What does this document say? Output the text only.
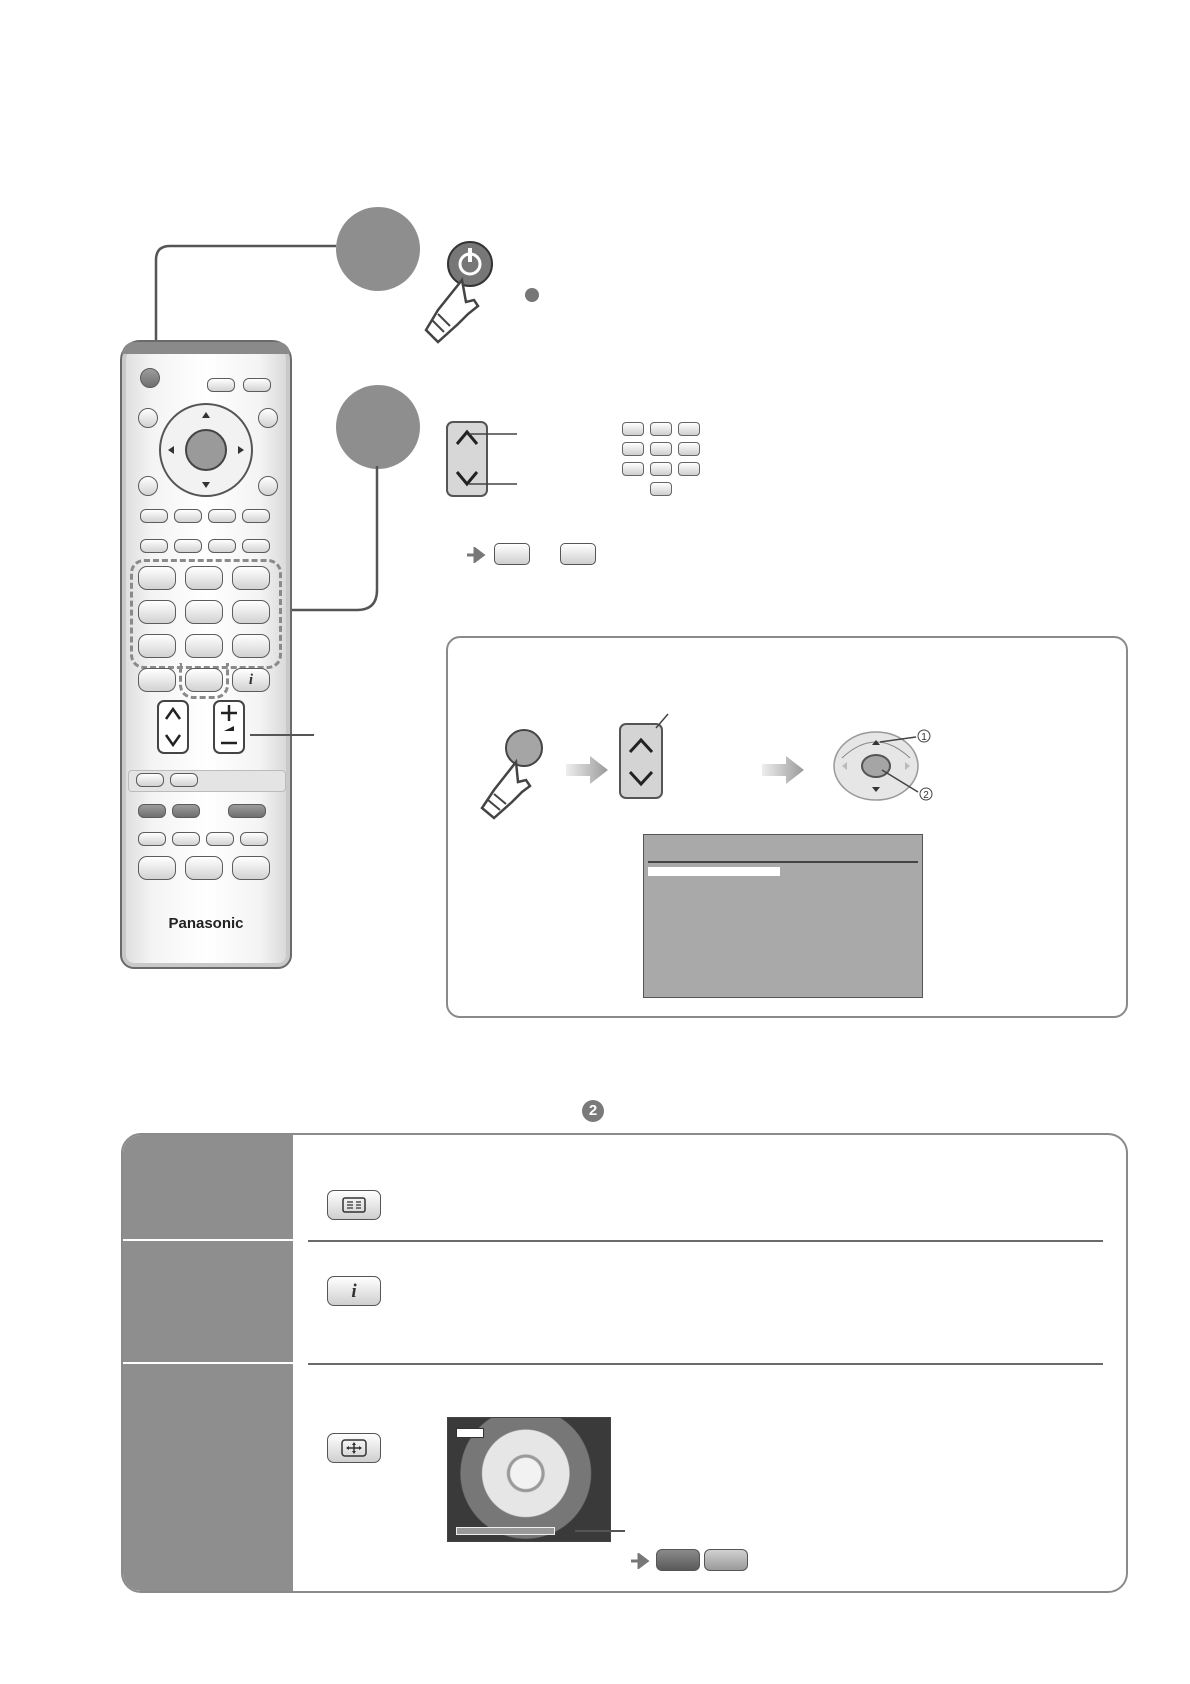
i
Panasonic
1
2
2
i
